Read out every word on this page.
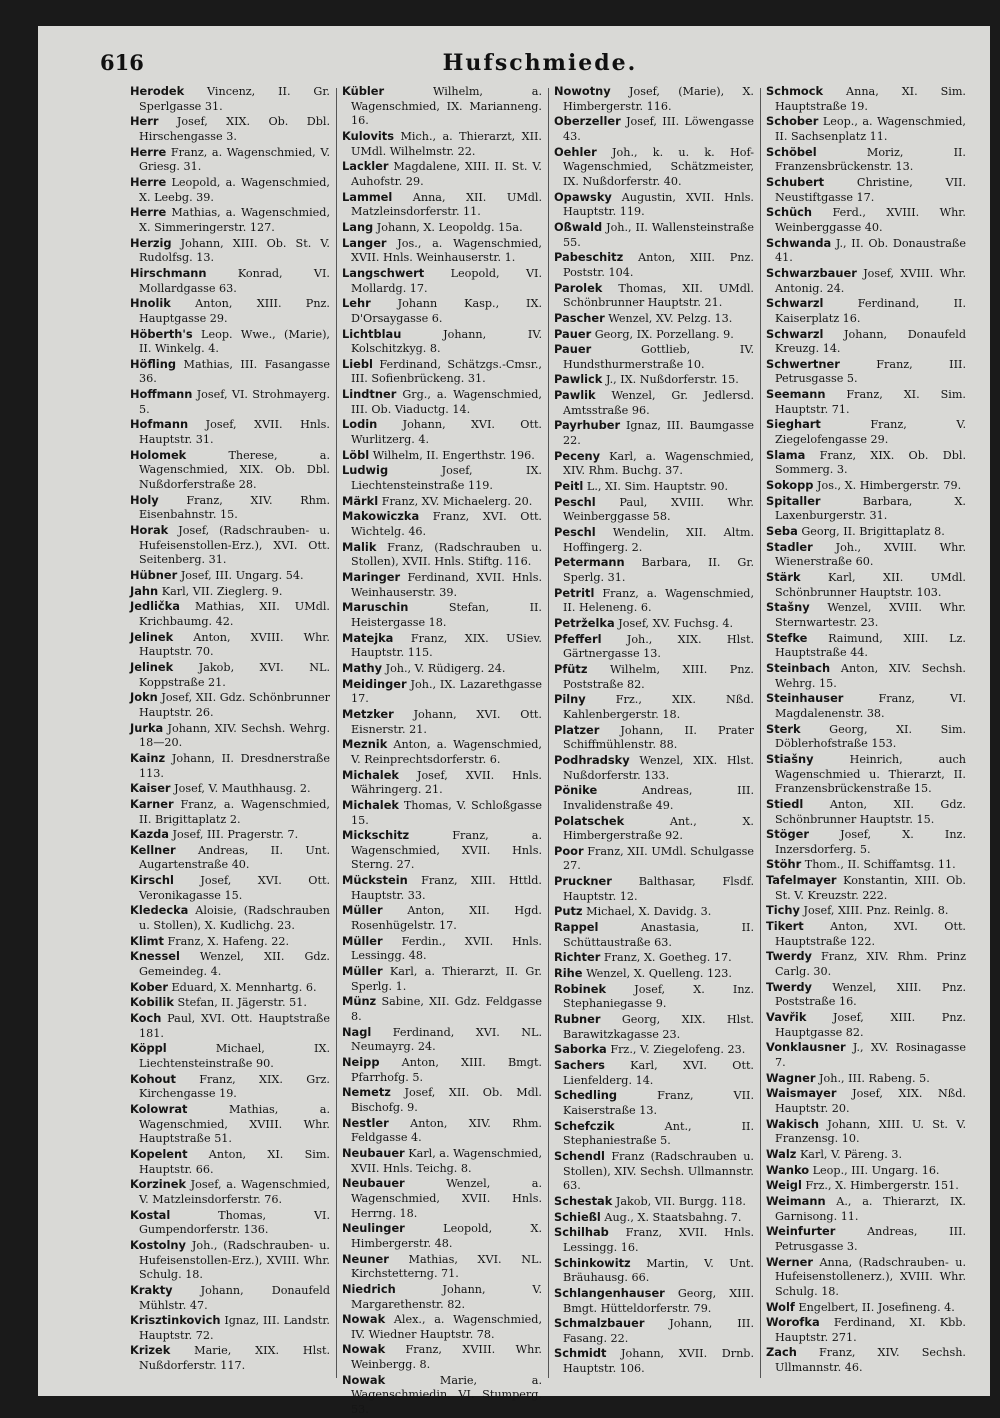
616	Hufschmiede.

Herodek Vincenz, II. Gr. Sperlgasse 31.

Herr Josef, XIX. Ob. Dbl. Hirschengasse 3.

Herre Franz, a. Wagenschmied, V. Griesg. 31.

Herre Leopold, a. Wagenschmied, X. Leebg. 39.

Herre Mathias, a. Wagenschmied, X. Simmeringerstr. 127.

Herzig Johann, XIII. Ob. St. V. Rudolfsg. 13.

Hirschmann	Konrad, VI. Mollardgasse 63.

Hnolik Anton, XIII. Pnz. Hauptgasse 29.

Höberth's Leop. Wwe., (Marie), II. Winkelg. 4.

Höfling Mathias, III. Fasangasse 36.

Hoffmann Josef, VI. Strohmayerg. 5.

Hofmann Josef, XVII. Hnls. Hauptstr. 31.

Holomek	Therese, a. Wagenschmied, XIX. Ob. Dbl. Nußdorferstraße 28.

Holy Franz, XIV. Rhm. Eisenbahnstr. 15.

Horak Josef, (Radschrauben- u. Hufeisenstollen-Erz.), XVI. Ott. Seitenberg. 31.

Hübner Josef, III. Ungarg. 54.

Jahn Karl, VII. Zieglerg. 9.

Jedlička Mathias, XII. UMdl. Krichbaumg. 42.

Jelinek Anton, XVIII. Whr. Hauptstr. 70.

Jelinek Jakob, XVI. NL. Koppstraße 21.

Jokn Josef, XII. Gdz. Schönbrunner Hauptstr. 26.

Jurka Johann, XIV. Sechsh. Wehrg. 18—20.

Kainz Johann, II. Dresdnerstraße 113.

Kaiser Josef, V. Mauthhausg. 2.

Karner Franz, a. Wagenschmied, II. Brigittaplatz 2.

Kazda Josef, III. Pragerstr. 7.

Kellner Andreas, II. Unt. Augartenstraße 40.

Kirschl Josef, XVI. Ott. Veronikagasse 15.

Kledecka Aloisie, (Radschrauben u. Stollen), X. Kudlichg. 23.

Klimt Franz, X. Hafeng. 22.

Knessel Wenzel, XII. Gdz. Gemeindeg. 4.

Kober Eduard, X. Mennhartg. 6.

Kobilik Stefan, II. Jägerstr. 51.

Koch Paul, XVI. Ott. Hauptstraße 181.

Köppl	Michael, IX. Liechtensteinstraße 90.

Kohout Franz, XIX. Grz. Kirchengasse 19.

Kolowrat	Mathias, a. Wagenschmied, XVIII. Whr. Hauptstraße 51.

Kopelent Anton, XI. Sim. Hauptstr. 66.

Korzinek Josef, a. Wagenschmied, V. Matzleinsdorferstr. 76.

Kostal	Thomas, VI. Gumpendorferstr. 136.

Kostolny Joh., (Radschrauben- u. Hufeisenstollen-Erz.), XVIII. Whr. Schulg. 18.

Krakty	Johann, Donaufeld Mühlstr. 47.

Krisztinkovich Ignaz, III. Landstr. Hauptstr. 72.

Krizek Marie, XIX. Hlst. Nußdorferstr. 117.

Kübler	Wilhelm, a. Wagenschmied, IX. Marianneng. 16.

Kulovits Mich., a. Thierarzt, XII. UMdl. Wilhelmstr. 22.

Lackler Magdalene, XIII. II. St. V. Auhofstr. 29.

Lammel Anna, XII. UMdl. Matzleinsdorferstr. 11.

Lang Johann, X. Leopoldg. 15a.

Langer Jos., a. Wagenschmied, XVII. Hnls. Weinhauserstr. 1.

Langschwert Leopold, VI. Mollardg. 17.

Lehr Johann Kasp., IX. D'Orsaygasse 6.

Lichtblau	Johann, IV. Kolschitzkyg. 8.

Liebl Ferdinand, Schätzgs.-Cmsr., III. Sofienbrückeng. 31.

Lindtner Grg., a. Wagenschmied, III. Ob. Viaductg. 14.

Lodin Johann, XVI. Ott. Wurlitzerg. 4.

Löbl Wilhelm, II. Engerthstr. 196.

Ludwig	Josef, IX. Liechtensteinstraße 119.

Märkl Franz, XV. Michaelerg. 20.

Makowiczka Franz, XVI. Ott. Wichtelg. 46.

Malik Franz, (Radschrauben u. Stollen), XVII. Hnls. Stiftg. 116.

Maringer Ferdinand, XVII. Hnls. Weinhauserstr. 39.

Maruschin	Stefan, II. Heistergasse 18.

Matejka Franz, XIX. USiev. Hauptstr. 115.

Mathy Joh., V. Rüdigerg. 24.

Meidinger Joh., IX. Lazarethgasse 17.

Metzker Johann, XVI. Ott. Eisnerstr. 21.

Meznik Anton, a. Wagenschmied, V. Reinprechtsdorferstr. 6.

Michalek Josef, XVII. Hnls. Währingerg. 21.

Michalek Thomas, V. Schloßgasse 15.

Mickschitz	Franz, a. Wagenschmied, XVII. Hnls. Sterng. 27.

Mückstein Franz, XIII. Httld. Hauptstr. 33.

Müller Anton, XII. Hgd. Rosenhügelstr. 17.

Müller Ferdin., XVII. Hnls. Lessingg. 48.

Müller Karl, a. Thierarzt, II. Gr. Sperlg. 1.

Münz Sabine, XII. Gdz. Feldgasse 8.

Nagl Ferdinand, XVI. NL. Neumayrg. 24.

Neipp Anton, XIII. Bmgt. Pfarrhofg. 5.

Nemetz Josef, XII. Ob. Mdl. Bischofg. 9.

Nestler Anton, XIV. Rhm. Feldgasse 4.

Neubauer Karl, a. Wagenschmied, XVII. Hnls. Teichg. 8.

Neubauer	Wenzel, a. Wagenschmied, XVII. Hnls. Herrng. 18.

Neulinger	Leopold, X. Himbergerstr. 48.

Neuner Mathias, XVI. NL. Kirchstetterng. 71.

Niedrich	Johann, V. Margarethenstr. 82.

Nowak Alex., a. Wagenschmied, IV. Wiedner Hauptstr. 78.

Nowak Franz, XVIII. Whr. Weinbergg. 8.

Nowak	Marie, a. Wagenschmiedin, VI. Stumperg. 53.

Nowotny Josef, (Marie), X. Himbergerstr. 116.

Oberzeller Josef, III. Löwengasse 43.

Oehler Joh., k. u. k. Hof-Wagenschmied, Schätzmeister, IX. Nußdorferstr. 40.

Opawsky Augustin, XVII. Hnls. Hauptstr. 119.

Oßwald Joh., II. Wallensteinstraße 55.

Pabeschitz Anton, XIII. Pnz. Poststr. 104.

Parolek Thomas, XII. UMdl. Schönbrunner Hauptstr. 21.

Pascher Wenzel, XV. Pelzg. 13.

Pauer Georg, IX. Porzellang. 9.

Pauer	Gottlieb, IV. Hundsthurmerstraße 10.

Pawlick J., IX. Nußdorferstr. 15.

Pawlik Wenzel, Gr. Jedlersd. Amtsstraße 96.

Payrhuber Ignaz, III. Baumgasse 22.

Peceny Karl, a. Wagenschmied, XIV. Rhm. Buchg. 37.

Peitl L., XI. Sim. Hauptstr. 90.

Peschl Paul, XVIII. Whr. Weinberggasse 58.

Peschl Wendelin, XII. Altm. Hoffingerg. 2.

Petermann Barbara, II. Gr. Sperlg. 31.

Petritl Franz, a. Wagenschmied, II. Heleneng. 6.

Petrželka Josef, XV. Fuchsg. 4.

Pfefferl Joh., XIX. Hlst. Gärtnergasse 13.

Pfütz Wilhelm, XIII. Pnz. Poststraße 82.

Pilny	Frz., XIX. Nßd. Kahlenbergerstr. 18.

Platzer Johann, II. Prater Schiffmühlenstr. 88.

Podhradsky Wenzel, XIX. Hlst. Nußdorferstr. 133.

Pönike	Andreas, III. Invalidenstraße 49.

Polatschek	Ant., X. Himbergerstraße 92.

Poor Franz, XII. UMdl. Schulgasse 27.

Pruckner Balthasar, Flsdf. Hauptstr. 12.

Putz Michael, X. Davidg. 3.

Rappel	Anastasia, II. Schüttaustraße 63.

Richter Franz, X. Goetheg. 17.

Rihe Wenzel, X. Quelleng. 123.

Robinek	Josef, X. Inz. Stephaniegasse 9.

Rubner Georg, XIX. Hlst. Barawitzkagasse 23.

Saborka Frz., V. Ziegelofeng. 23.

Sachers Karl, XVI. Ott. Lienfelderg. 14.

Schedling	Franz, VII. Kaiserstraße 13.

Schefczik	Ant., II. Stephaniestraße 5.

Schendl Franz (Radschrauben u. Stollen), XIV. Sechsh. Ullmannstr. 63.

Schestak Jakob, VII. Burgg. 118.

Schießl Aug., X. Staatsbahng. 7.

Schilhab Franz, XVII. Hnls. Lessingg. 16.

Schinkowitz Martin, V. Unt. Bräuhausg. 66.

Schlangenhauser Georg, XIII. Bmgt. Hütteldorferstr. 79.

Schmalzbauer Johann, III. Fasang. 22.

Schmidt Johann, XVII. Drnb. Hauptstr. 106.

Schmock Anna, XI. Sim. Hauptstraße 19.

Schober Leop., a. Wagenschmied, II. Sachsenplatz 11.

Schöbel	Moriz, II. Franzensbrückenstr. 13.

Schubert	Christine, VII. Neustiftgasse 17.

Schüch Ferd., XVIII. Whr. Weinberggasse 40.

Schwanda J., II. Ob. Donaustraße 41.

Schwarzbauer Josef, XVIII. Whr. Antonig. 24.

Schwarzl	Ferdinand, II. Kaiserplatz 16.

Schwarzl Johann, Donaufeld Kreuzg. 14.

Schwertner	Franz, III. Petrusgasse 5.

Seemann Franz, XI. Sim. Hauptstr. 71.

Sieghart	Franz, V. Ziegelofengasse 29.

Slama Franz, XIX. Ob. Dbl. Sommerg. 3.

Sokopp Jos., X. Himbergerstr. 79.

Spitaller	Barbara, X. Laxenburgerstr. 31.

Seba Georg, II. Brigittaplatz 8.

Stadler Joh., XVIII. Whr. Wienerstraße 60.

Stärk Karl, XII. UMdl. Schönbrunner Hauptstr. 103.

Stašny Wenzel, XVIII. Whr. Sternwartestr. 23.

Stefke Raimund, XIII. Lz. Hauptstraße 44.

Steinbach Anton, XIV. Sechsh. Wehrg. 15.

Steinhauser	Franz, VI. Magdalenenstr. 38.

Sterk	Georg, XI. Sim. Döblerhofstraße 153.

Stiašny	Heinrich, auch Wagenschmied u. Thierarzt, II. Franzensbrückenstraße 15.

Stiedl Anton, XII. Gdz. Schönbrunner Hauptstr. 15.

Stöger	Josef, X. Inz. Inzersdorferg. 5.

Stöhr Thom., II. Schiffamtsg. 11.

Tafelmayer Konstantin, XIII. Ob. St. V. Kreuzstr. 222.

Tichy Josef, XIII. Pnz. Reinlg. 8.

Tikert Anton, XVI. Ott. Hauptstraße 122.

Twerdy Franz, XIV. Rhm. Prinz Carlg. 30.

Twerdy Wenzel, XIII. Pnz. Poststraße 16.

Vavřik Josef, XIII. Pnz. Hauptgasse 82.

Vonklausner J., XV. Rosinagasse 7.

Wagner Joh., III. Rabeng. 5.

Waismayer Josef, XIX. Nßd. Hauptstr. 20.

Wakisch Johann, XIII. U. St. V. Franzensg. 10.

Walz Karl, V. Päreng. 3.

Wanko Leop., III. Ungarg. 16.

Weigl Frz., X. Himbergerstr. 151.

Weimann A., a. Thierarzt, IX. Garnisong. 11.

Weinfurter	Andreas, III. Petrusgasse 3.

Werner Anna, (Radschrauben- u. Hufeisenstollenerz.), XVIII. Whr. Schulg. 18.

Wolf Engelbert, II. Josefineng. 4.

Worofka Ferdinand, XI. Kbb. Hauptstr. 271.

Zach Franz, XIV. Sechsh. Ullmannstr. 46.
